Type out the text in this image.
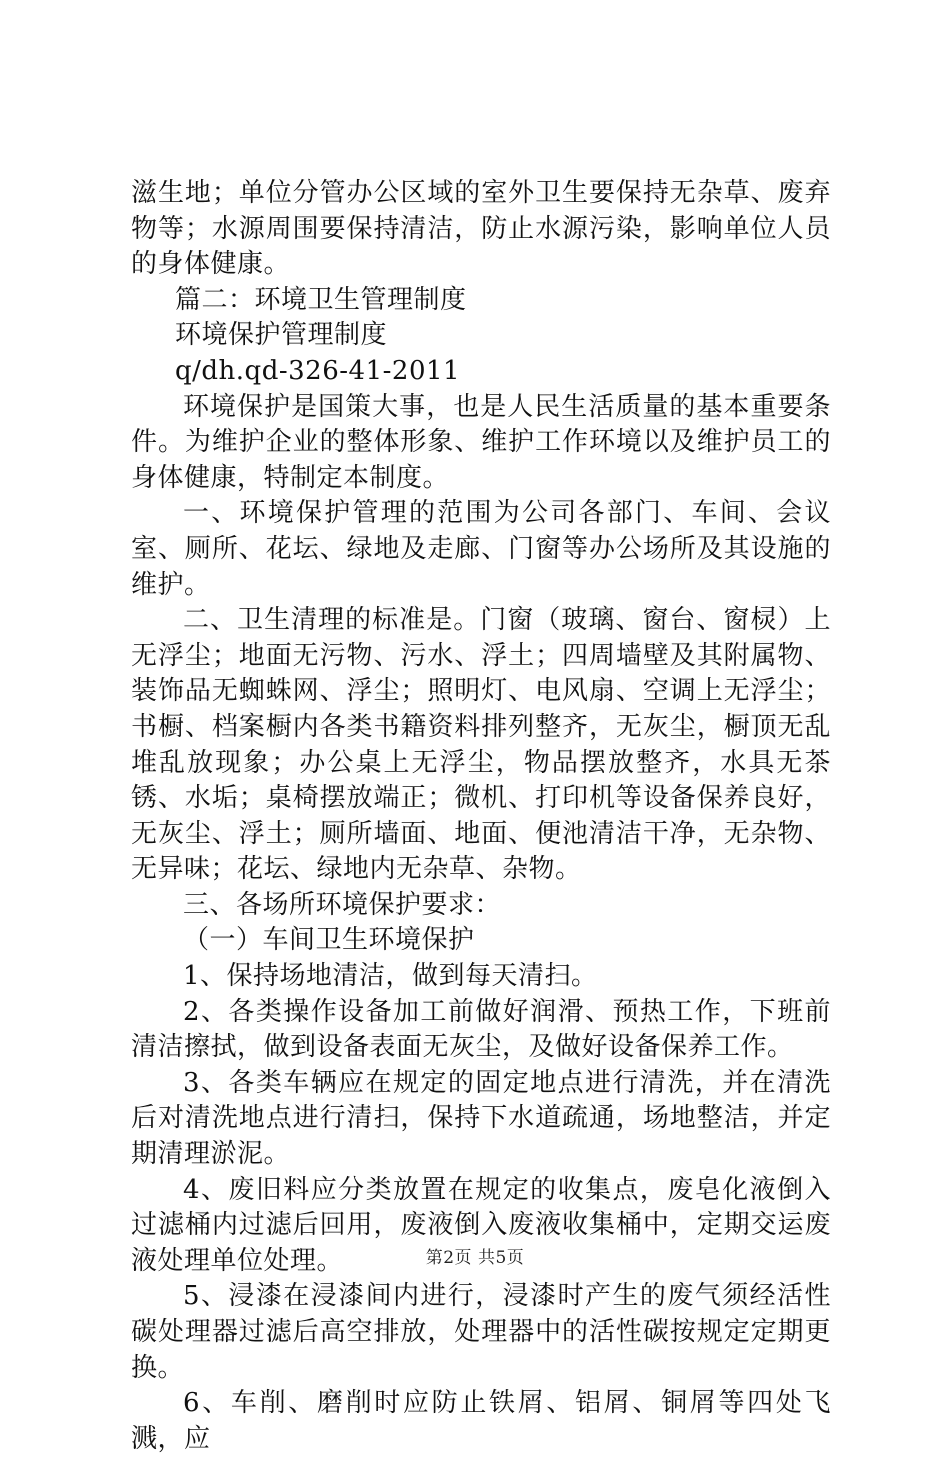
滋生地；单位分管办公区域的室外卫生要保持无杂草、废弃物等；水源周围要保持清洁，防止水源污染，影响单位人员的身体健康。

篇二：环境卫生管理制度

环境保护管理制度

q/dh.qd-326-41-2011

环境保护是国策大事，也是人民生活质量的基本重要条件。为维护企业的整体形象、维护工作环境以及维护员工的身体健康，特制定本制度。

一、环境保护管理的范围为公司各部门、车间、会议室、厕所、花坛、绿地及走廊、门窗等办公场所及其设施的维护。

二、卫生清理的标准是。门窗（玻璃、窗台、窗棂）上无浮尘；地面无污物、污水、浮土；四周墙壁及其附属物、装饰品无蜘蛛网、浮尘；照明灯、电风扇、空调上无浮尘；书橱、档案橱内各类书籍资料排列整齐，无灰尘，橱顶无乱堆乱放现象；办公桌上无浮尘，物品摆放整齐，水具无茶锈、水垢；桌椅摆放端正；微机、打印机等设备保养良好，无灰尘、浮土；厕所墙面、地面、便池清洁干净，无杂物、无异味；花坛、绿地内无杂草、杂物。

三、各场所环境保护要求：

（一）车间卫生环境保护

1、保持场地清洁，做到每天清扫。

2、各类操作设备加工前做好润滑、预热工作，下班前清洁擦拭，做到设备表面无灰尘，及做好设备保养工作。

3、各类车辆应在规定的固定地点进行清洗，并在清洗后对清洗地点进行清扫，保持下水道疏通，场地整洁，并定期清理淤泥。

4、废旧料应分类放置在规定的收集点，废皂化液倒入过滤桶内过滤后回用，废液倒入废液收集桶中，定期交运废液处理单位处理。

5、浸漆在浸漆间内进行，浸漆时产生的废气须经活性碳处理器过滤后高空排放，处理器中的活性碳按规定定期更换。

6、车削、磨削时应防止铁屑、铝屑、铜屑等四处飞溅，应

第2页 共5页
